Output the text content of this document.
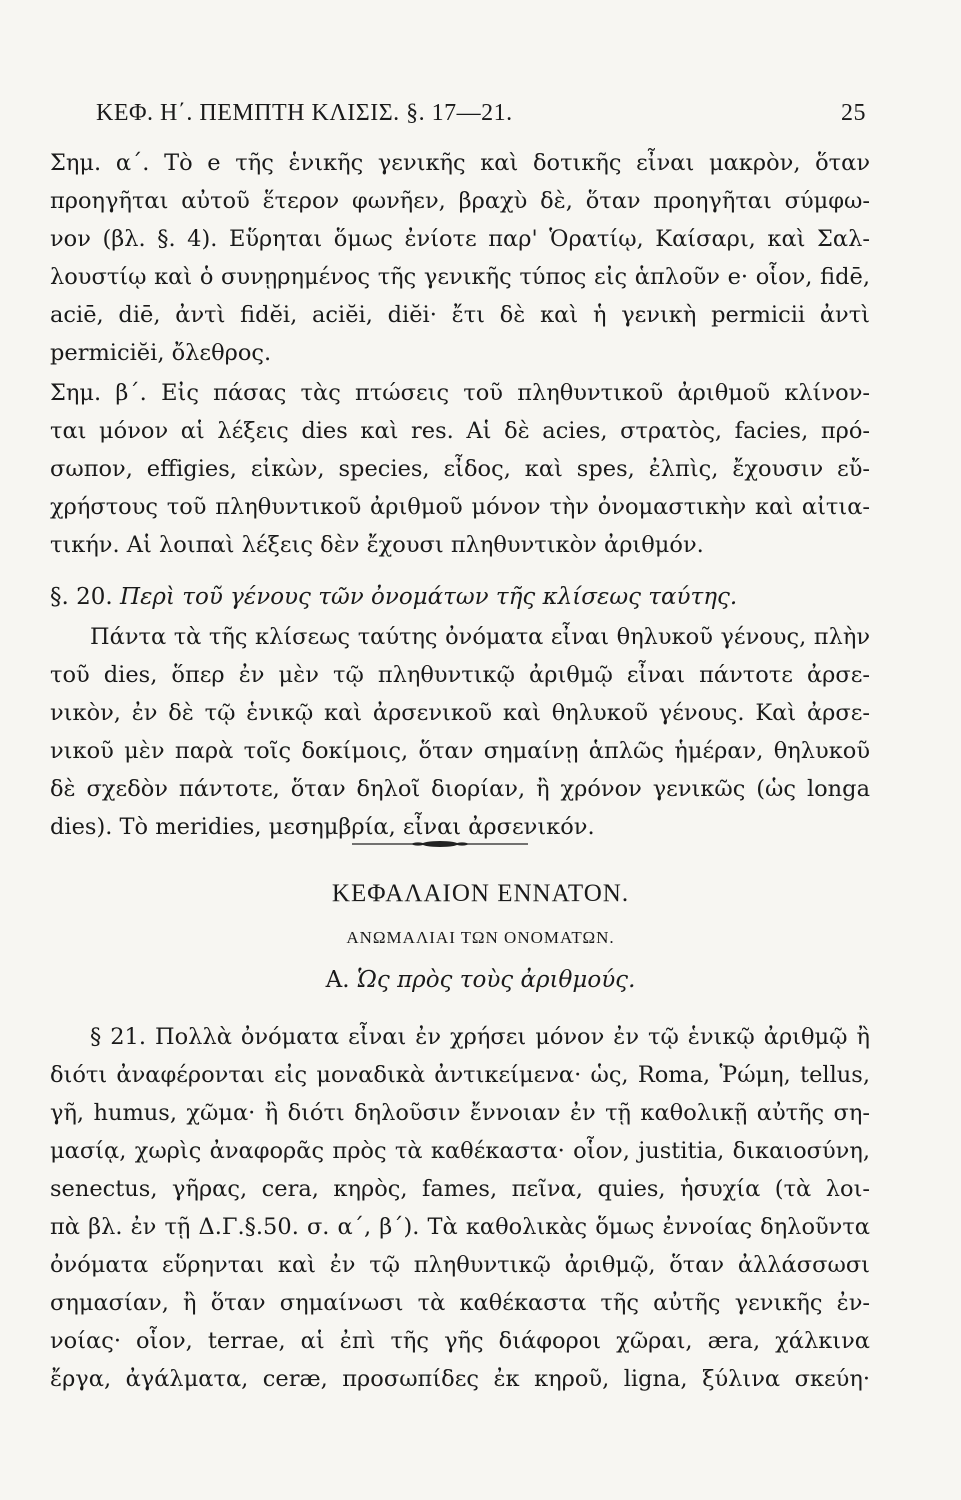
ΚΕΦ. Η΄. ΠΕΜΠΤΗ ΚΛΙΣΙΣ. §. 17—21.	25
Σημ. α΄. Τὸ e τῆς ἑνικῆς γενικῆς καὶ δοτικῆς εἶναι μακρὸν, ὅταν
προηγῆται αὐτοῦ ἕτερον φωνῆεν, βραχὺ δὲ, ὅταν προηγῆται σύμφω-
νον (βλ. §. 4). Εὕρηται ὅμως ἐνίοτε παρ' Ὁρατίῳ, Καίσαρι, καὶ Σαλ-
λουστίῳ καὶ ὁ συνῃρημένος τῆς γενικῆς τύπος εἰς ἁπλοῦν e· οἷον, fidē,
aciē, diē, ἀντὶ fidĕi, aciĕi, diĕi· ἔτι δὲ καὶ ἡ γενικὴ permicii ἀντὶ
permiciĕi, ὄλεθρος.
Σημ. β΄. Εἰς πάσας τὰς πτώσεις τοῦ πληθυντικοῦ ἀριθμοῦ κλίνον-
ται μόνον αἱ λέξεις dies καὶ res. Αἱ δὲ acies, στρατὸς, facies, πρό-
σωπον, effigies, εἰκὼν, species, εἶδος, καὶ spes, ἐλπὶς, ἔχουσιν εὔ-
χρήστους τοῦ πληθυντικοῦ ἀριθμοῦ μόνον τὴν ὀνομαστικὴν καὶ αἰτια-
τικήν. Αἱ λοιπαὶ λέξεις δὲν ἔχουσι πληθυντικὸν ἀριθμόν.
§. 20. Περὶ τοῦ γένους τῶν ὀνομάτων τῆς κλίσεως ταύτης.
Πάντα τὰ τῆς κλίσεως ταύτης ὀνόματα εἶναι θηλυκοῦ γένους, πλὴν
τοῦ dies, ὅπερ ἐν μὲν τῷ πληθυντικῷ ἀριθμῷ εἶναι πάντοτε ἀρσε-
νικὸν, ἐν δὲ τῷ ἑνικῷ καὶ ἀρσενικοῦ καὶ θηλυκοῦ γένους. Καὶ ἀρσε-
νικοῦ μὲν παρὰ τοῖς δοκίμοις, ὅταν σημαίνῃ ἁπλῶς ἡμέραν, θηλυκοῦ
δὲ σχεδὸν πάντοτε, ὅταν δηλοῖ διορίαν, ἢ χρόνον γενικῶς (ὡς longa
dies). Τὸ meridies, μεσημβρία, εἶναι ἀρσενικόν.
ΚΕΦΑΛΑΙΟΝ ΕΝΝΑΤΟΝ.
ΑΝΩΜΑΛΙΑΙ ΤΩΝ ΟΝΟΜΑΤΩΝ.
Α. Ὡς πρὸς τοὺς ἀριθμούς.
§ 21. Πολλὰ ὀνόματα εἶναι ἐν χρήσει μόνον ἐν τῷ ἑνικῷ ἀριθμῷ ἢ
διότι ἀναφέρονται εἰς μοναδικὰ ἀντικείμενα· ὡς, Roma, Ῥώμη, tellus,
γῆ, humus, χῶμα· ἢ διότι δηλοῦσιν ἔννοιαν ἐν τῇ καθολικῇ αὐτῆς ση-
μασίᾳ, χωρὶς ἀναφορᾶς πρὸς τὰ καθέκαστα· οἷον, justitia, δικαιοσύνη,
senectus, γῆρας, cera, κηρὸς, fames, πεῖνα, quies, ἡσυχία (τὰ λοι-
πὰ βλ. ἐν τῇ Δ.Γ.§.50. σ. α΄, β΄). Τὰ καθολικὰς ὅμως ἐννοίας δηλοῦντα
ὀνόματα εὕρηνται καὶ ἐν τῷ πληθυντικῷ ἀριθμῷ, ὅταν ἀλλάσσωσι
σημασίαν, ἢ ὅταν σημαίνωσι τὰ καθέκαστα τῆς αὐτῆς γενικῆς ἐν-
νοίας· οἷον, terrae, αἱ ἐπὶ τῆς γῆς διάφοροι χῶραι, æra, χάλκινα
ἔργα, ἀγάλματα, ceræ, προσωπίδες ἐκ κηροῦ, ligna, ξύλινα σκεύη·
